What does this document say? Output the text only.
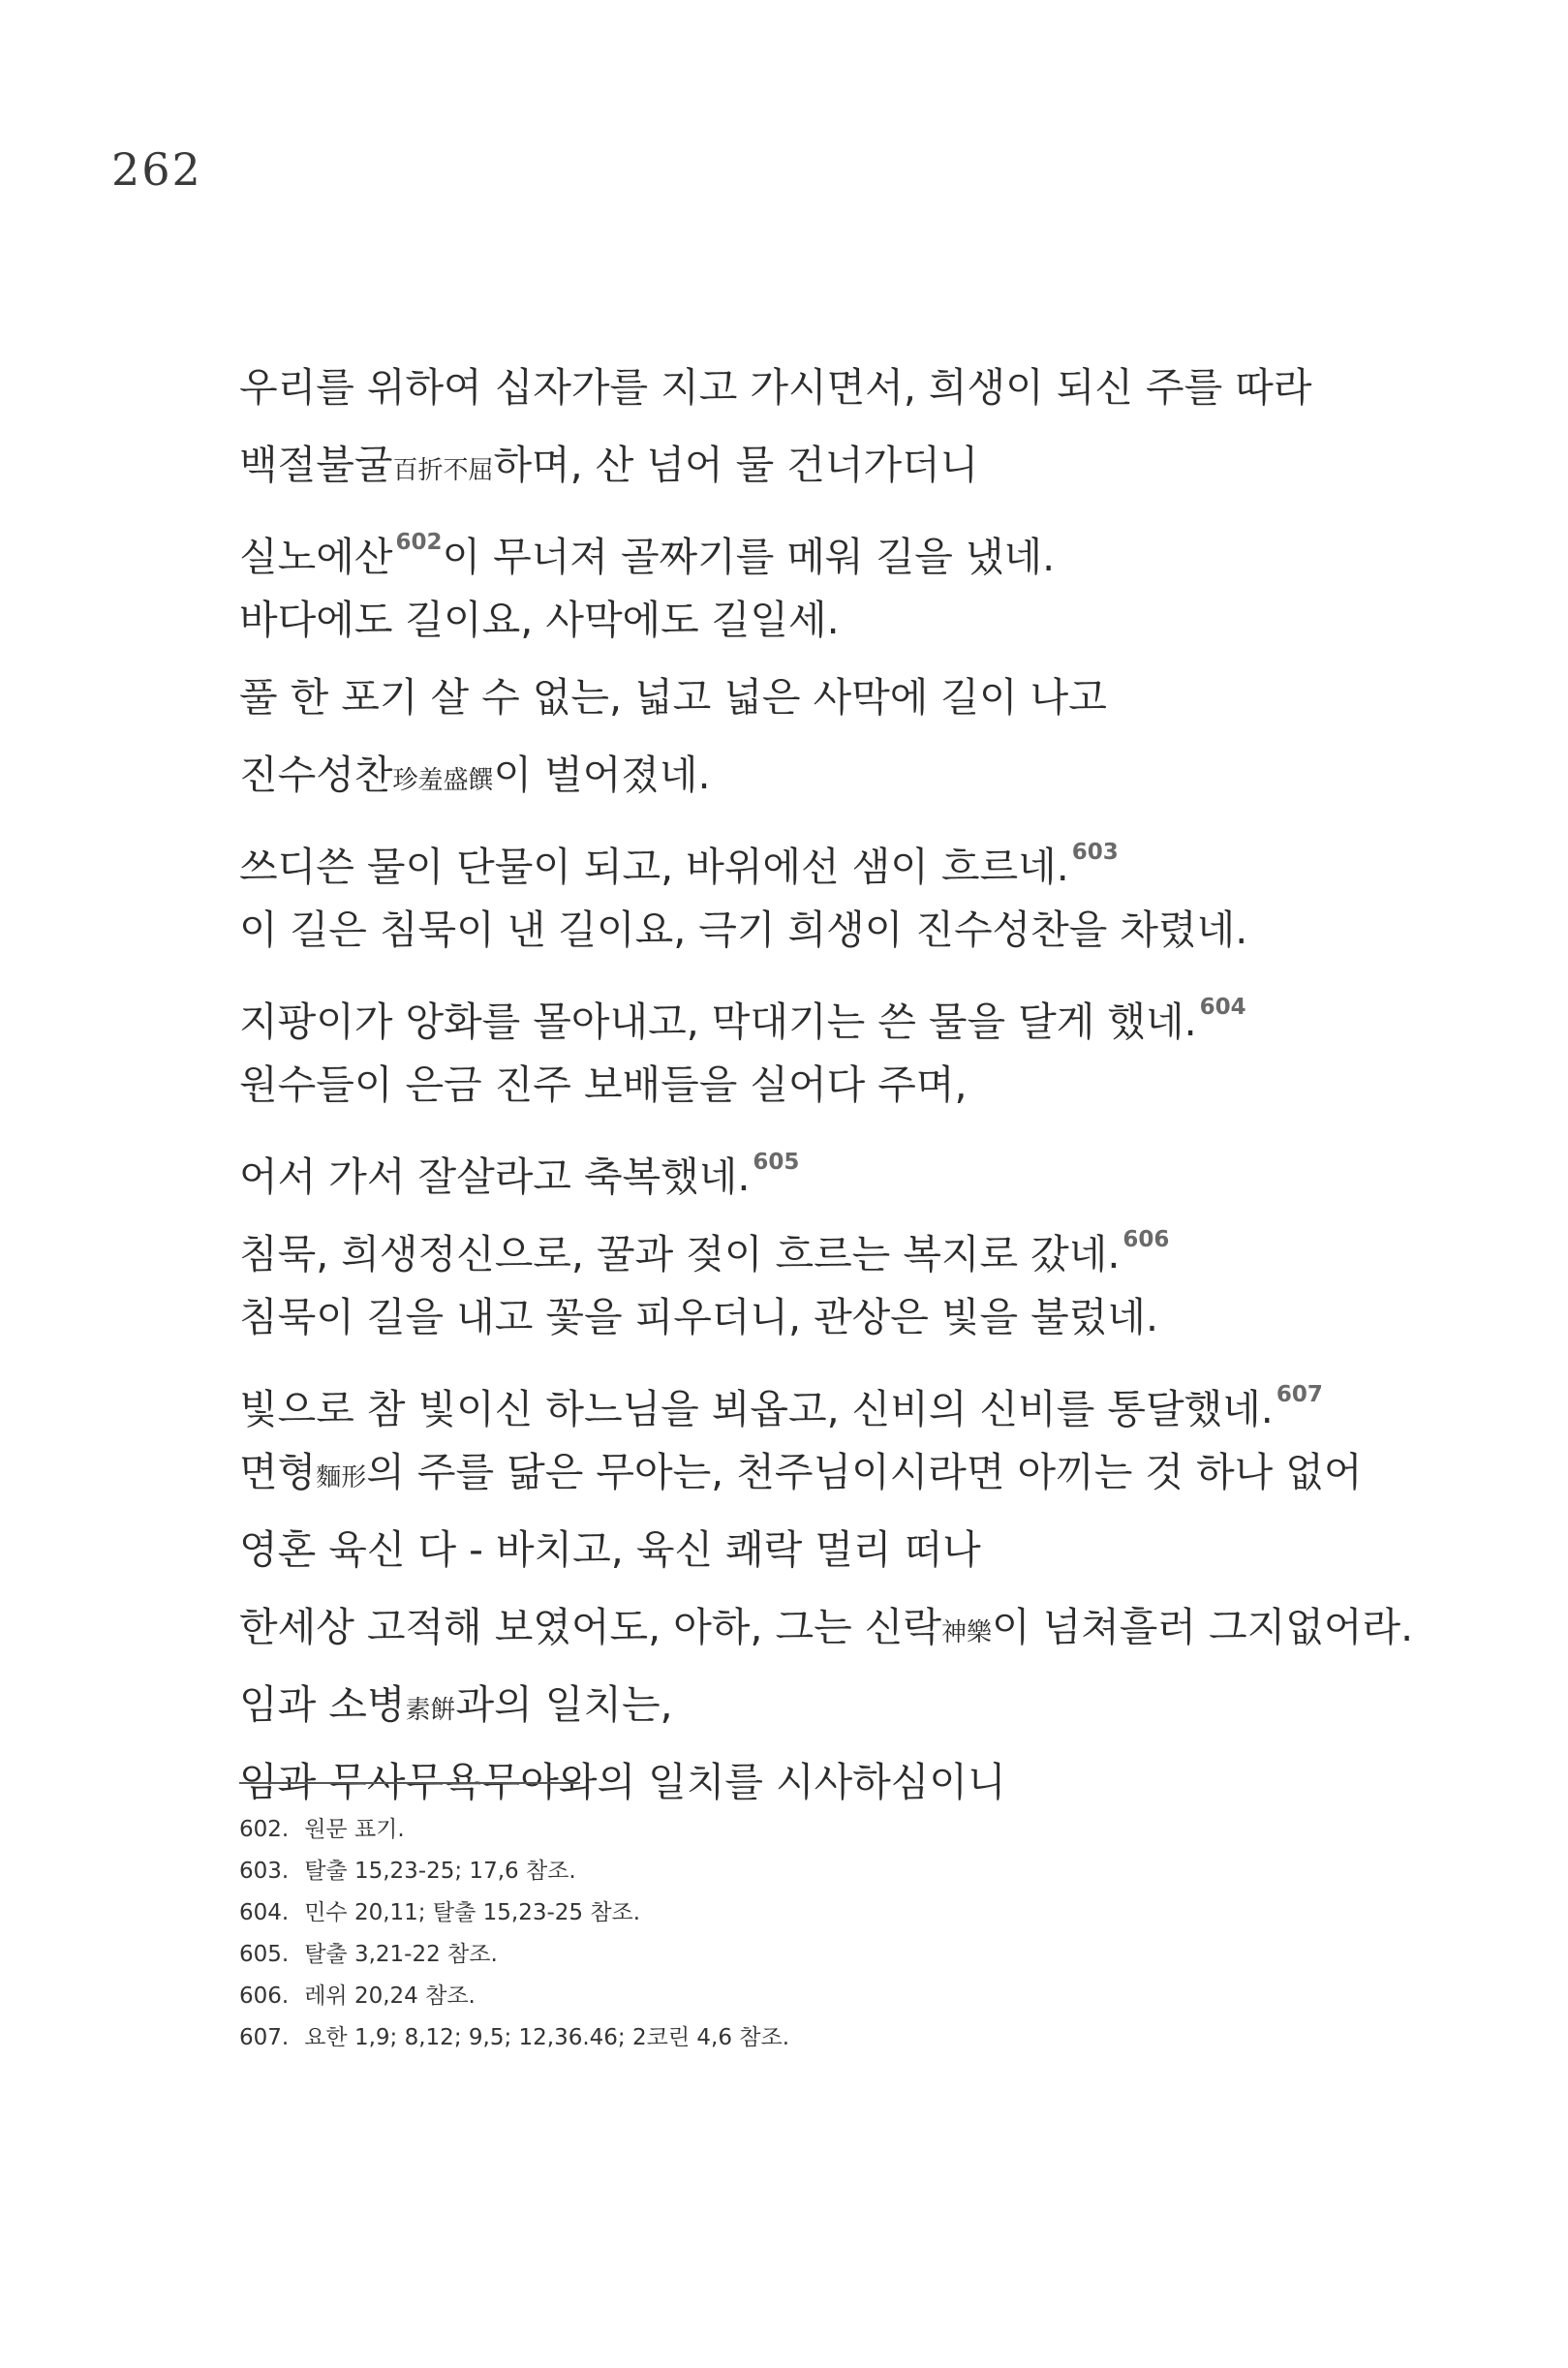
262
우리를 위하여 십자가를 지고 가시면서, 희생이 되신 주를 따라
백절불굴百折不屈하며, 산 넘어 물 건너가더니
실노에산 $^{602}$이 무너져 골짜기를 메워 길을 냈네.
바다에도 길이요, 사막에도 길일세.
풀 한 포기 살 수 없는, 넓고 넓은 사막에 길이 나고
진수성찬珍羞盛饌이 벌어졌네.
쓰디쓴 물이 단물이 되고, 바위에선 샘이 흐르네. $^{603}$
이 길은 침묵이 낸 길이요, 극기 희생이 진수성찬을 차렸네.
지팡이가 앙화를 몰아내고, 막대기는 쓴 물을 달게 했네. $^{604}$
원수들이 은금 진주 보배들을 실어다 주며,
어서 가서 잘살라고 축복했네. $^{605}$
침묵, 희생정신으로, 꿀과 젖이 흐르는 복지로 갔네. $^{606}$
침묵이 길을 내고 꽃을 피우더니, 관상은 빛을 불렀네.
빛으로 참 빛이신 하느님을 뵈옵고, 신비의 신비를 통달했네. $^{607}$
면형麵形의 주를 닮은 무아는, 천주님이시라면 아끼는 것 하나 없어
영혼 육신 다 - 바치고, 육신 쾌락 멀리 떠나
한세상 고적해 보였어도, 아하, 그는 신락神樂이 넘쳐흘러 그지없어라.
임과 소병素餠과의 일치는,
임과 무사무욕무아와의 일치를 시사하심이니
602. 원문 표기.
603. 탈출 15,23-25; 17,6 참조.
604. 민수 20,11; 탈출 15,23-25 참조.
605. 탈출 3,21-22 참조.
606. 레위 20,24 참조.
607. 요한 1,9; 8,12; 9,5; 12,36.46; 2코린 4,6 참조.
